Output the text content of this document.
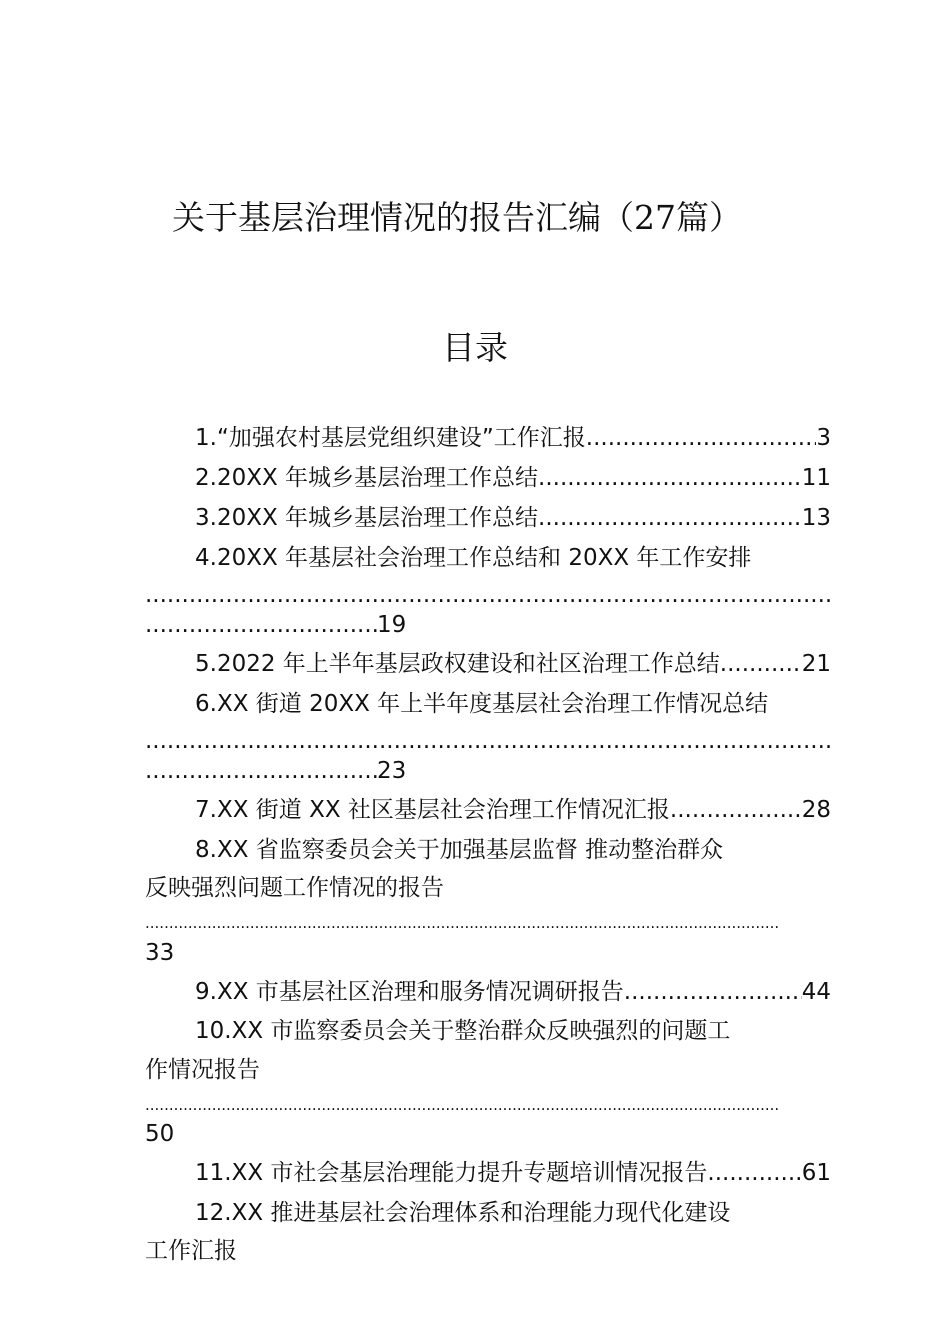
关于基层治理情况的报告汇编（27篇）
目录
1.“加强农村基层党组织建设”工作汇报 .....	3
2.20XX 年城乡基层治理工作总结 .....	11
3.20XX 年城乡基层治理工作总结 .....	13
4.20XX 年基层社会治理工作总结和 20XX 年工作安排
.....
.....
19
5.2022 年上半年基层政权建设和社区治理工作总结 .....	21
6.XX 街道 20XX 年上半年度基层社会治理工作情况总结
.....
.....
23
7.XX 街道 XX 社区基层社会治理工作情况汇报 .....	28
8.XX 省监察委员会关于加强基层监督 推动整治群众
反映强烈问题工作情况的报告
.....
33
9.XX 市基层社区治理和服务情况调研报告 .....	44
10.XX 市监察委员会关于整治群众反映强烈的问题工
作情况报告
.....
50
11.XX 市社会基层治理能力提升专题培训情况报告 .....	61
12.XX 推进基层社会治理体系和治理能力现代化建设
工作汇报
